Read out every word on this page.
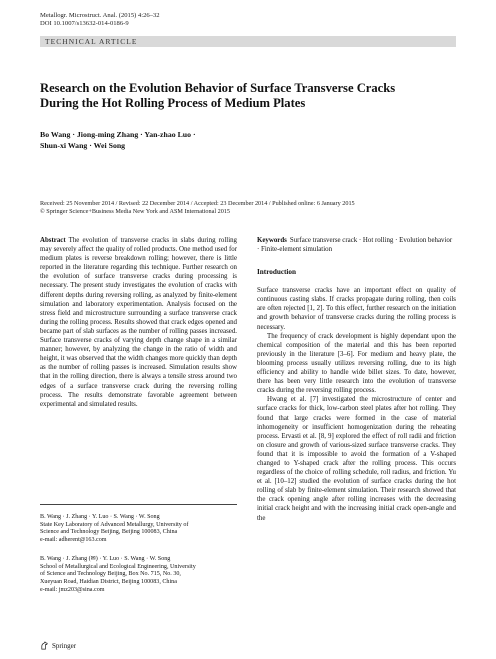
Metallogr. Microstruct. Anal. (2015) 4:26–32
DOI 10.1007/s13632-014-0186-9
TECHNICAL ARTICLE
Research on the Evolution Behavior of Surface Transverse Cracks
During the Hot Rolling Process of Medium Plates
Bo Wang · Jiong-ming Zhang · Yan-zhao Luo ·
Shun-xi Wang · Wei Song
Received: 25 November 2014 / Revised: 22 December 2014 / Accepted: 23 December 2014 / Published online: 6 January 2015
© Springer Science+Business Media New York and ASM International 2015

Abstract The evolution of transverse cracks in slabs during rolling may severely affect the quality of rolled products. One method used for medium plates is reverse breakdown rolling; however, there is little reported in the literature regarding this technique. Further research on the evolution of surface transverse cracks during processing is necessary. The present study investigates the evolution of cracks with different depths during reversing rolling, as analyzed by finite-element simulation and laboratory experimentation. Analysis focused on the stress field and microstructure surrounding a surface transverse crack during the rolling process. Results showed that crack edges opened and became part of slab surfaces as the number of rolling passes increased. Surface transverse cracks of varying depth change shape in a similar manner; however, by analyzing the change in the ratio of width and height, it was observed that the width changes more quickly than depth as the number of rolling passes is increased. Simulation results show that in the rolling direction, there is always a tensile stress around two edges of a surface transverse crack during the reversing rolling process. The results demonstrate favorable agreement between experimental and simulated results.

B. Wang · J. Zhang · Y. Luo · S. Wang · W. Song

State Key Laboratory of Advanced Metallurgy, University of

Science and Technology Beijing, Beijing 100083, China

e-mail: adherent@163.com

B. Wang · J. Zhang (✉) · Y. Luo · S. Wang · W. Song

School of Metallurgical and Ecological Engineering, University

of Science and Technology Beijing, Box No. 715, No. 30,

Xueyuan Road, Haidian District, Beijing 100083, China

e-mail: jmz203@sina.com

Keywords Surface transverse crack · Hot rolling · Evolution behavior · Finite-element simulation

Introduction

Surface transverse cracks have an important effect on quality of continuous casting slabs. If cracks propagate during rolling, then coils are often rejected [1, 2]. To this effect, further research on the initiation and growth behavior of transverse cracks during the rolling process is necessary.

The frequency of crack development is highly dependant upon the chemical composition of the material and this has been reported previously in the literature [3–6]. For medium and heavy plate, the blooming process usually utilizes reversing rolling, due to its high efficiency and ability to handle wide billet sizes. To date, however, there has been very little research into the evolution of transverse cracks during the reversing rolling process.

Hwang et al. [7] investigated the microstructure of center and surface cracks for thick, low-carbon steel plates after hot rolling. They found that large cracks were formed in the case of material inhomogeneity or insufficient homogenization during the reheating process. Ervasti et al. [8, 9] explored the effect of roll radii and friction on closure and growth of various-sized surface transverse cracks. They found that it is impossible to avoid the formation of a V-shaped changed to Y-shaped crack after the rolling process. This occurs regardless of the choice of rolling schedule, roll radius, and friction. Yu et al. [10–12] studied the evolution of surface cracks during the hot rolling of slab by finite-element simulation. Their research showed that the crack opening angle after rolling increases with the decreasing initial crack height and with the increasing initial crack open-angle and the

Springer
